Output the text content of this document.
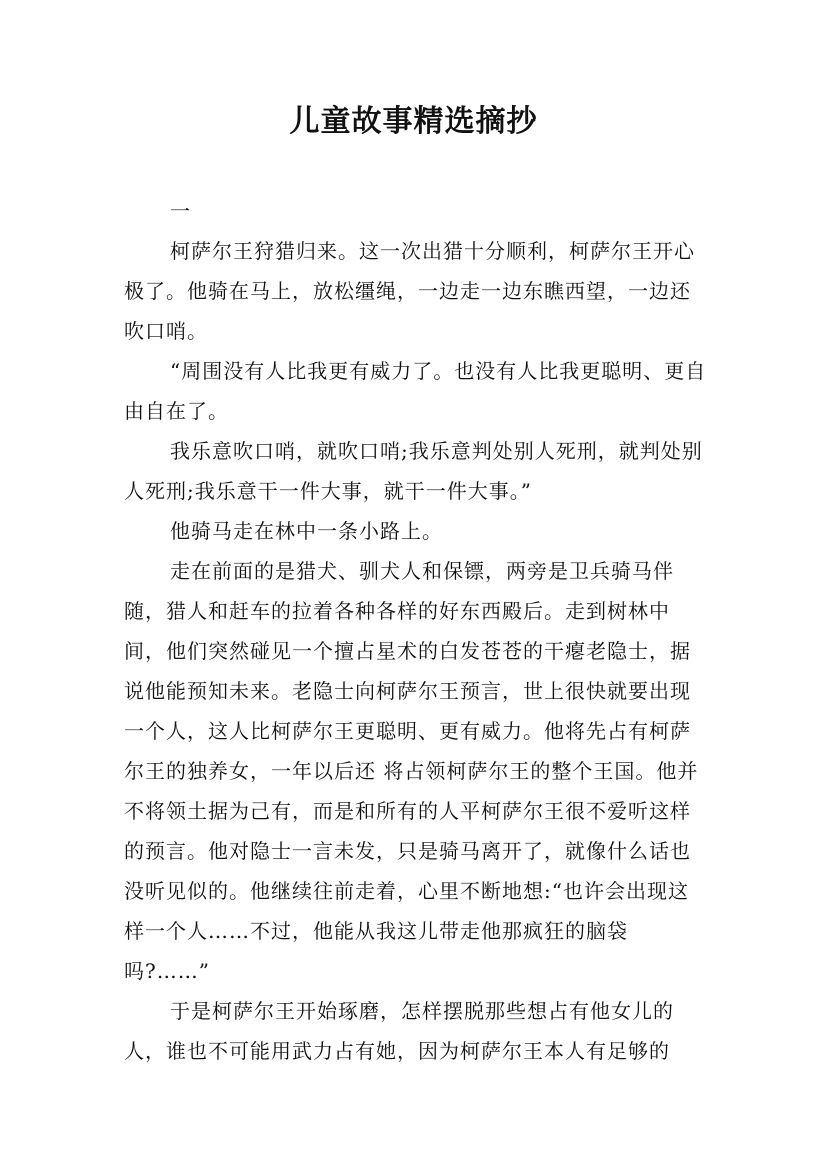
儿童故事精选摘抄

一

柯萨尔王狩猎归来。这一次出猎十分顺利，柯萨尔王开心极了。他骑在马上，放松缰绳，一边走一边东瞧西望，一边还 吹口哨。

“周围没有人比我更有威力了。也没有人比我更聪明、更自由自在了。

我乐意吹口哨，就吹口哨;我乐意判处别人死刑，就判处别人死刑;我乐意干一件大事，就干一件大事。”

他骑马走在林中一条小路上。

走在前面的是猎犬、驯犬人和保镖，两旁是卫兵骑马伴随，猎人和赶车的拉着各种各样的好东西殿后。走到树林中间，他们突然碰见一个擅占星术的白发苍苍的干瘪老隐士，据说他能预知未来。老隐士向柯萨尔王预言，世上很快就要出现一个人，这人比柯萨尔王更聪明、更有威力。他将先占有柯萨尔王的独养女，一年以后还 将占领柯萨尔王的整个王国。他并不将领土据为己有，而是和所有的人平柯萨尔王很不爱听这样的预言。他对隐士一言未发，只是骑马离开了，就像什么话也没听见似的。他继续往前走着，心里不断地想:“也许会出现这样一个人……不过，他能从我这儿带走他那疯狂的脑袋吗?……”

于是柯萨尔王开始琢磨，怎样摆脱那些想占有他女儿的人，谁也不可能用武力占有她，因为柯萨尔王本人有足够的
